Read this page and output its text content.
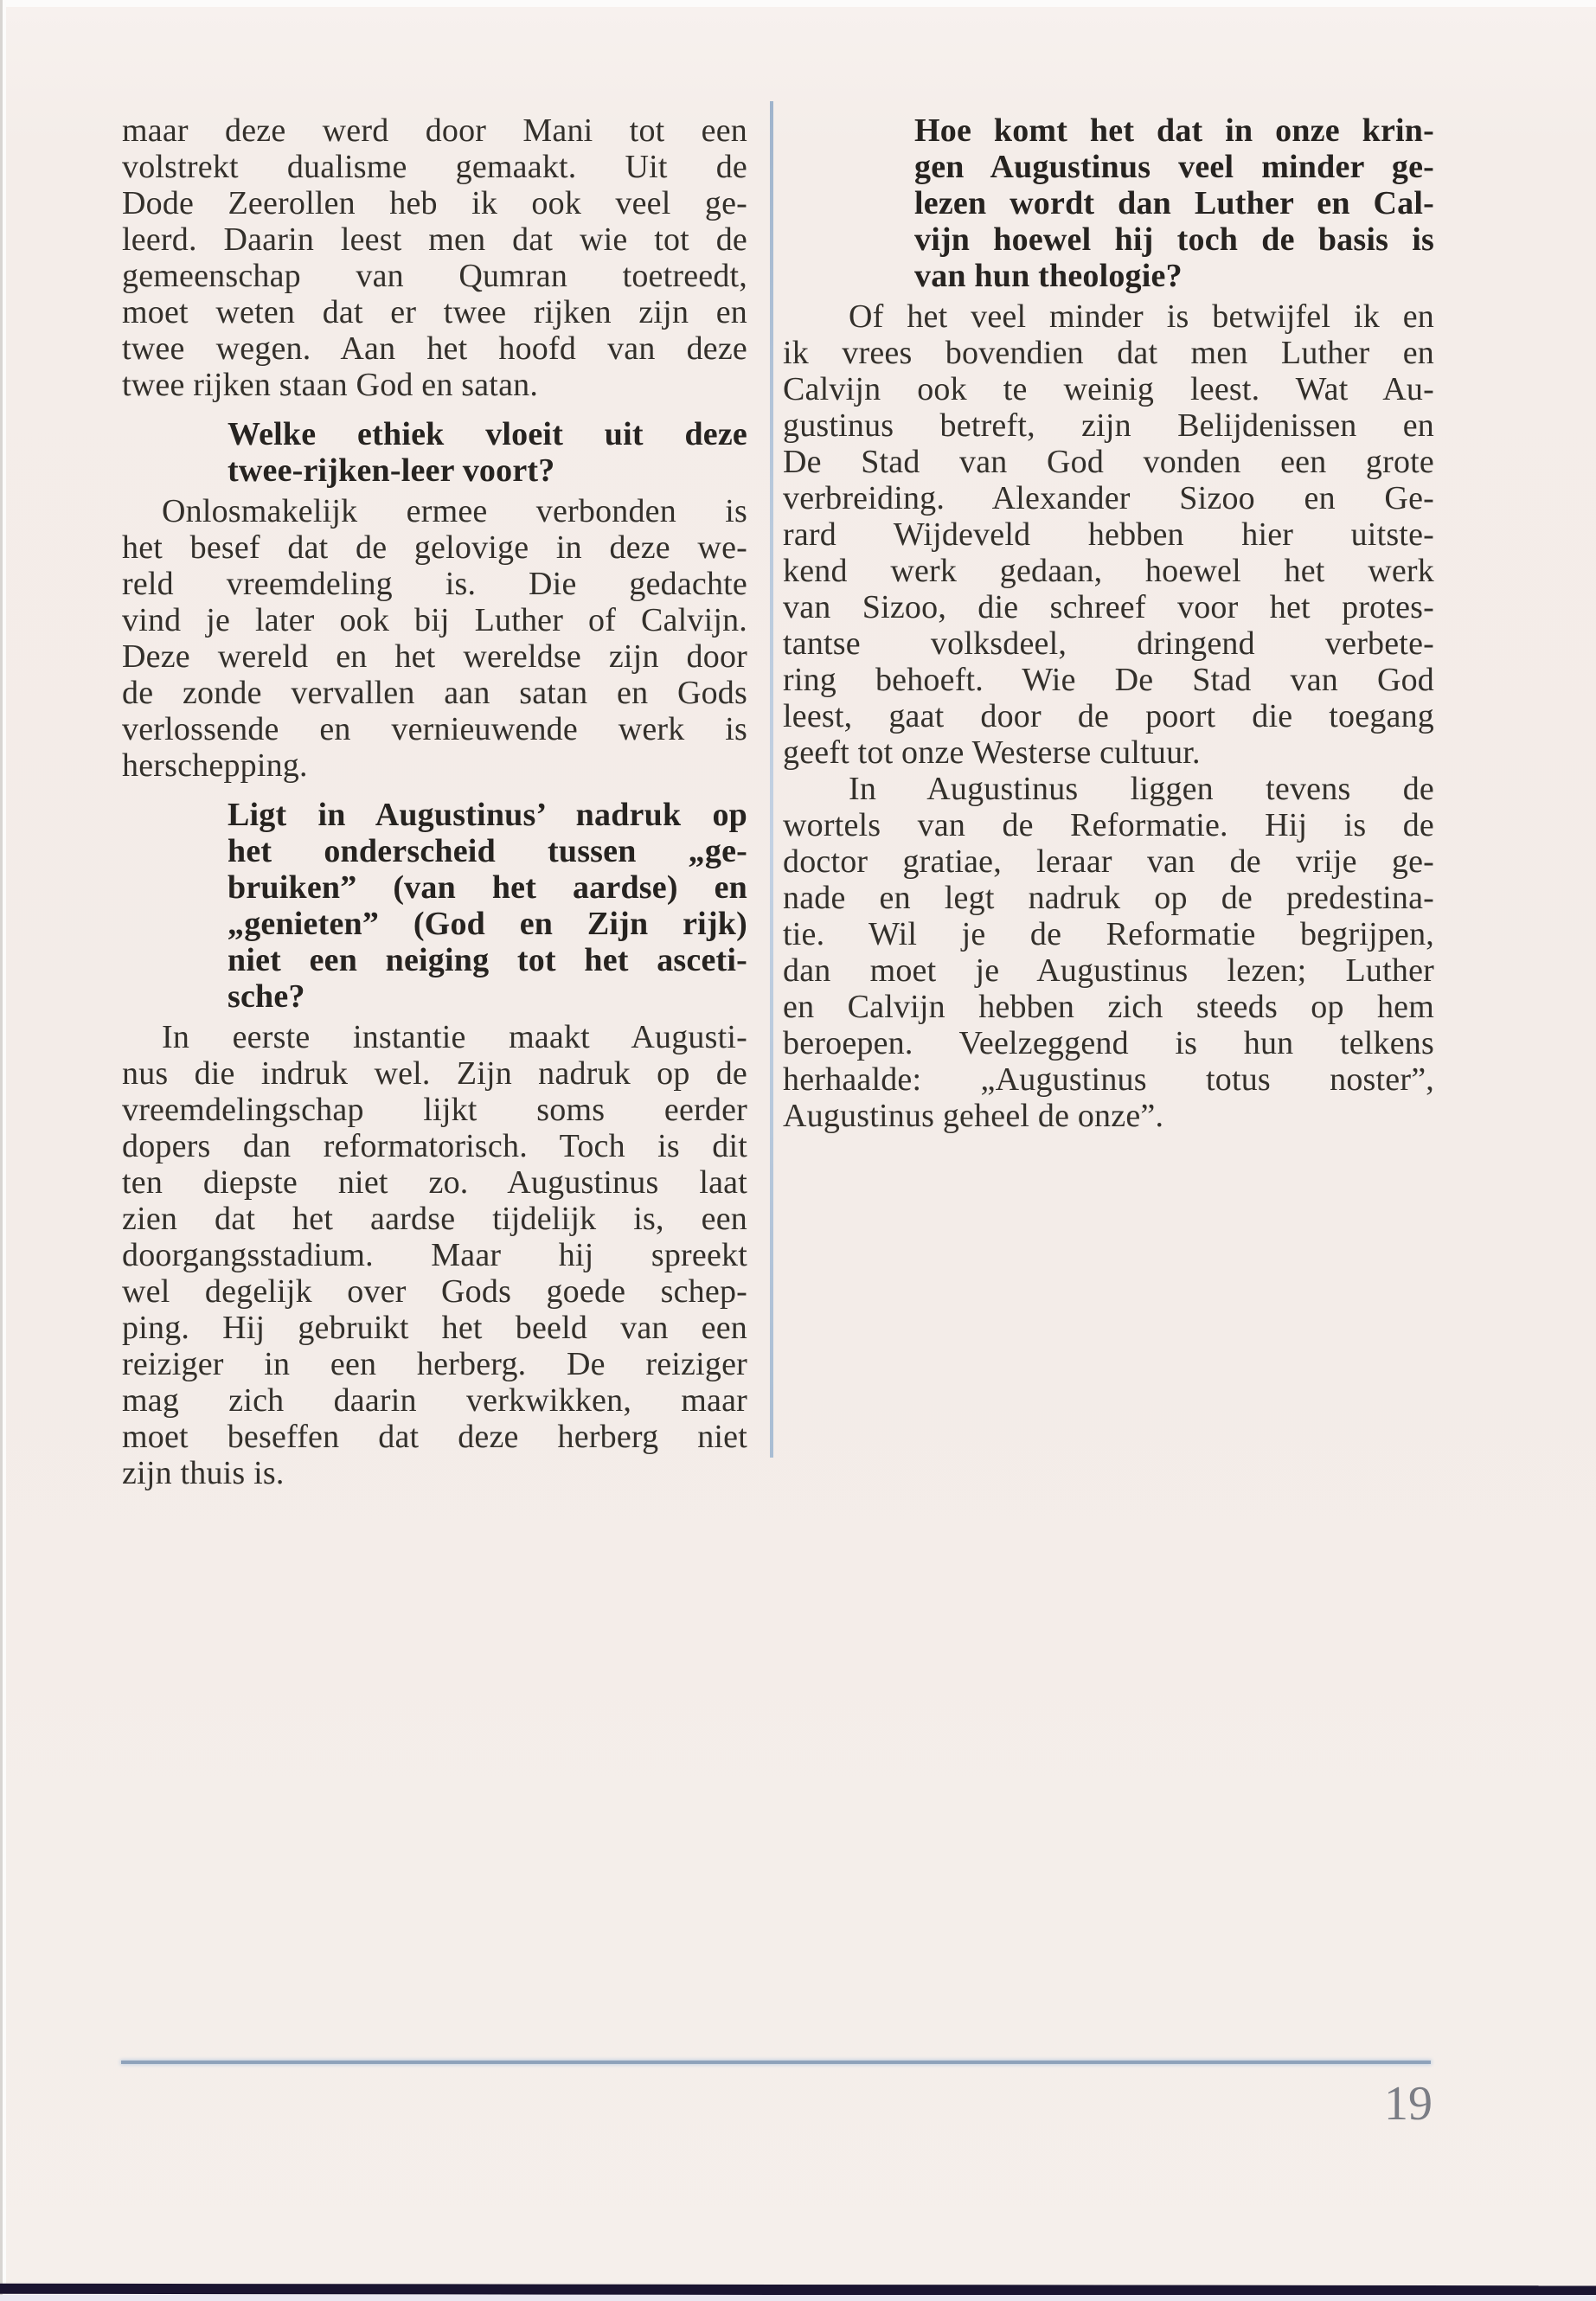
maar deze werd door Mani tot een
volstrekt dualisme gemaakt. Uit de
Dode Zeerollen heb ik ook veel ge-
leerd. Daarin leest men dat wie tot de
gemeenschap van Qumran toetreedt,
moet weten dat er twee rijken zijn en
twee wegen. Aan het hoofd van deze
twee rijken staan God en satan.
Welke ethiek vloeit uit deze
twee-rijken-leer voort?
Onlosmakelijk ermee verbonden is
het besef dat de gelovige in deze we-
reld vreemdeling is. Die gedachte
vind je later ook bij Luther of Calvijn.
Deze wereld en het wereldse zijn door
de zonde vervallen aan satan en Gods
verlossende en vernieuwende werk is
herschepping.
Ligt in Augustinus’ nadruk op
het onderscheid tussen „ge-
bruiken” (van het aardse) en
„genieten” (God en Zijn rijk)
niet een neiging tot het asceti-
sche?
In eerste instantie maakt Augusti-
nus die indruk wel. Zijn nadruk op de
vreemdelingschap lijkt soms eerder
dopers dan reformatorisch. Toch is dit
ten diepste niet zo. Augustinus laat
zien dat het aardse tijdelijk is, een
doorgangsstadium. Maar hij spreekt
wel degelijk over Gods goede schep-
ping. Hij gebruikt het beeld van een
reiziger in een herberg. De reiziger
mag zich daarin verkwikken, maar
moet beseffen dat deze herberg niet
zijn thuis is.
Hoe komt het dat in onze krin-
gen Augustinus veel minder ge-
lezen wordt dan Luther en Cal-
vijn hoewel hij toch de basis is
van hun theologie?
Of het veel minder is betwijfel ik en
ik vrees bovendien dat men Luther en
Calvijn ook te weinig leest. Wat Au-
gustinus betreft, zijn Belijdenissen en
De Stad van God vonden een grote
verbreiding. Alexander Sizoo en Ge-
rard Wijdeveld hebben hier uitste-
kend werk gedaan, hoewel het werk
van Sizoo, die schreef voor het protes-
tantse volksdeel, dringend verbete-
ring behoeft. Wie De Stad van God
leest, gaat door de poort die toegang
geeft tot onze Westerse cultuur.
In Augustinus liggen tevens de
wortels van de Reformatie. Hij is de
doctor gratiae, leraar van de vrije ge-
nade en legt nadruk op de predestina-
tie. Wil je de Reformatie begrijpen,
dan moet je Augustinus lezen; Luther
en Calvijn hebben zich steeds op hem
beroepen. Veelzeggend is hun telkens
herhaalde: „Augustinus totus noster”,
Augustinus geheel de onze”.
19
